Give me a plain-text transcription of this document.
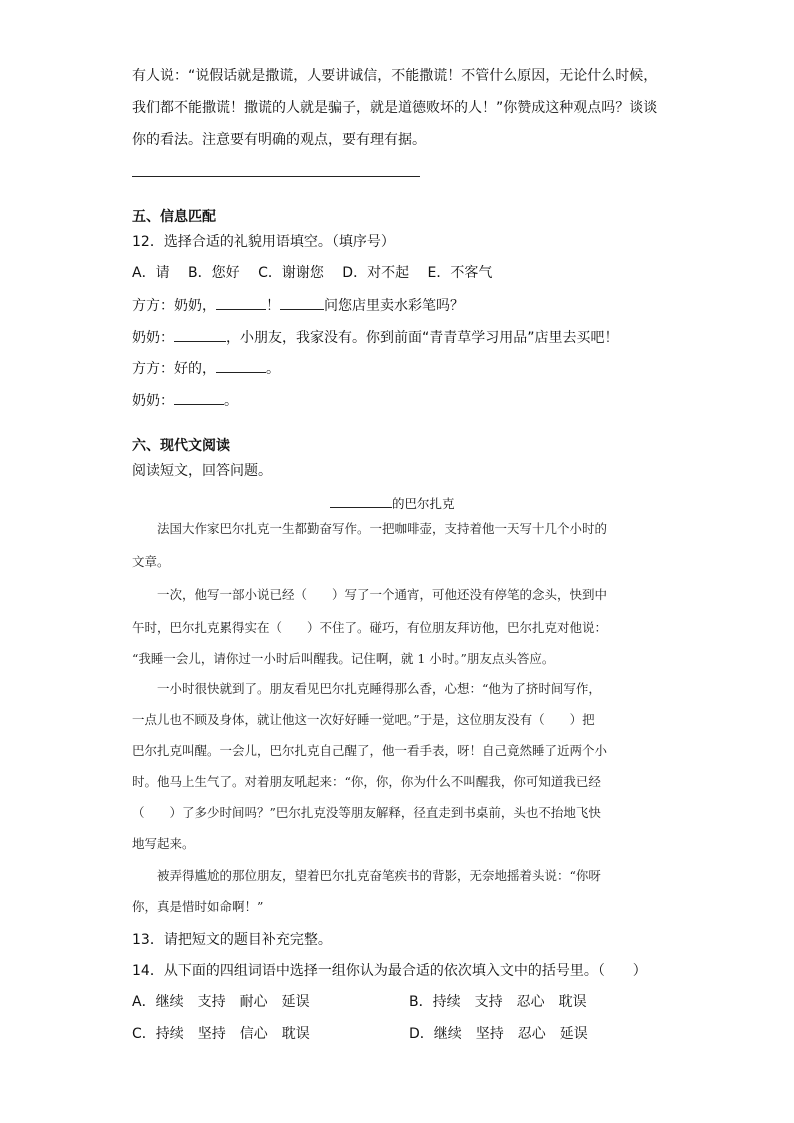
有人说：“说假话就是撒谎，人要讲诚信，不能撒谎！不管什么原因，无论什么时候，
我们都不能撒谎！撒谎的人就是骗子，就是道德败坏的人！”你赞成这种观点吗？谈谈
你的看法。注意要有明确的观点，要有理有据。
五、信息匹配
12．选择合适的礼貌用语填空。（填序号）
A．请　 B．您好　 C．谢谢您　 D．对不起　 E．不客气
方方：奶奶，	！	问您店里卖水彩笔吗？
奶奶：	，小朋友，我家没有。你到前面“青青草学习用品”店里去买吧！
方方：好的，	。
奶奶：	。
六、现代文阅读
阅读短文，回答问题。
的巴尔扎克
　　法国大作家巴尔扎克一生都勤奋写作。一把咖啡壶，支持着他一天写十几个小时的
文章。
　　一次，他写一部小说已经（　　）写了一个通宵，可他还没有停笔的念头，快到中
午时，巴尔扎克累得实在（　　）不住了。碰巧，有位朋友拜访他，巴尔扎克对他说：
“我睡一会儿，请你过一小时后叫醒我。记住啊，就 1 小时。”朋友点头答应。
　　一小时很快就到了。朋友看见巴尔扎克睡得那么香，心想：“他为了挤时间写作，
一点儿也不顾及身体，就让他这一次好好睡一觉吧。”于是，这位朋友没有（　　）把
巴尔扎克叫醒。一会儿，巴尔扎克自己醒了，他一看手表，呀！自己竟然睡了近两个小
时。他马上生气了。对着朋友吼起来：“你，你，你为什么不叫醒我，你可知道我已经
（　　）了多少时间吗？”巴尔扎克没等朋友解释，径直走到书桌前，头也不抬地飞快
地写起来。
　　被弄得尴尬的那位朋友，望着巴尔扎克奋笔疾书的背影，无奈地摇着头说：“你呀
你，真是惜时如命啊！”
13．请把短文的题目补充完整。
14．从下面的四组词语中选择一组你认为最合适的依次填入文中的括号里。（　　）
A．继续　支持　耐心　延误	B．持续　支持　忍心　耽误
C．持续　坚持　信心　耽误	D．继续　坚持　忍心　延误
